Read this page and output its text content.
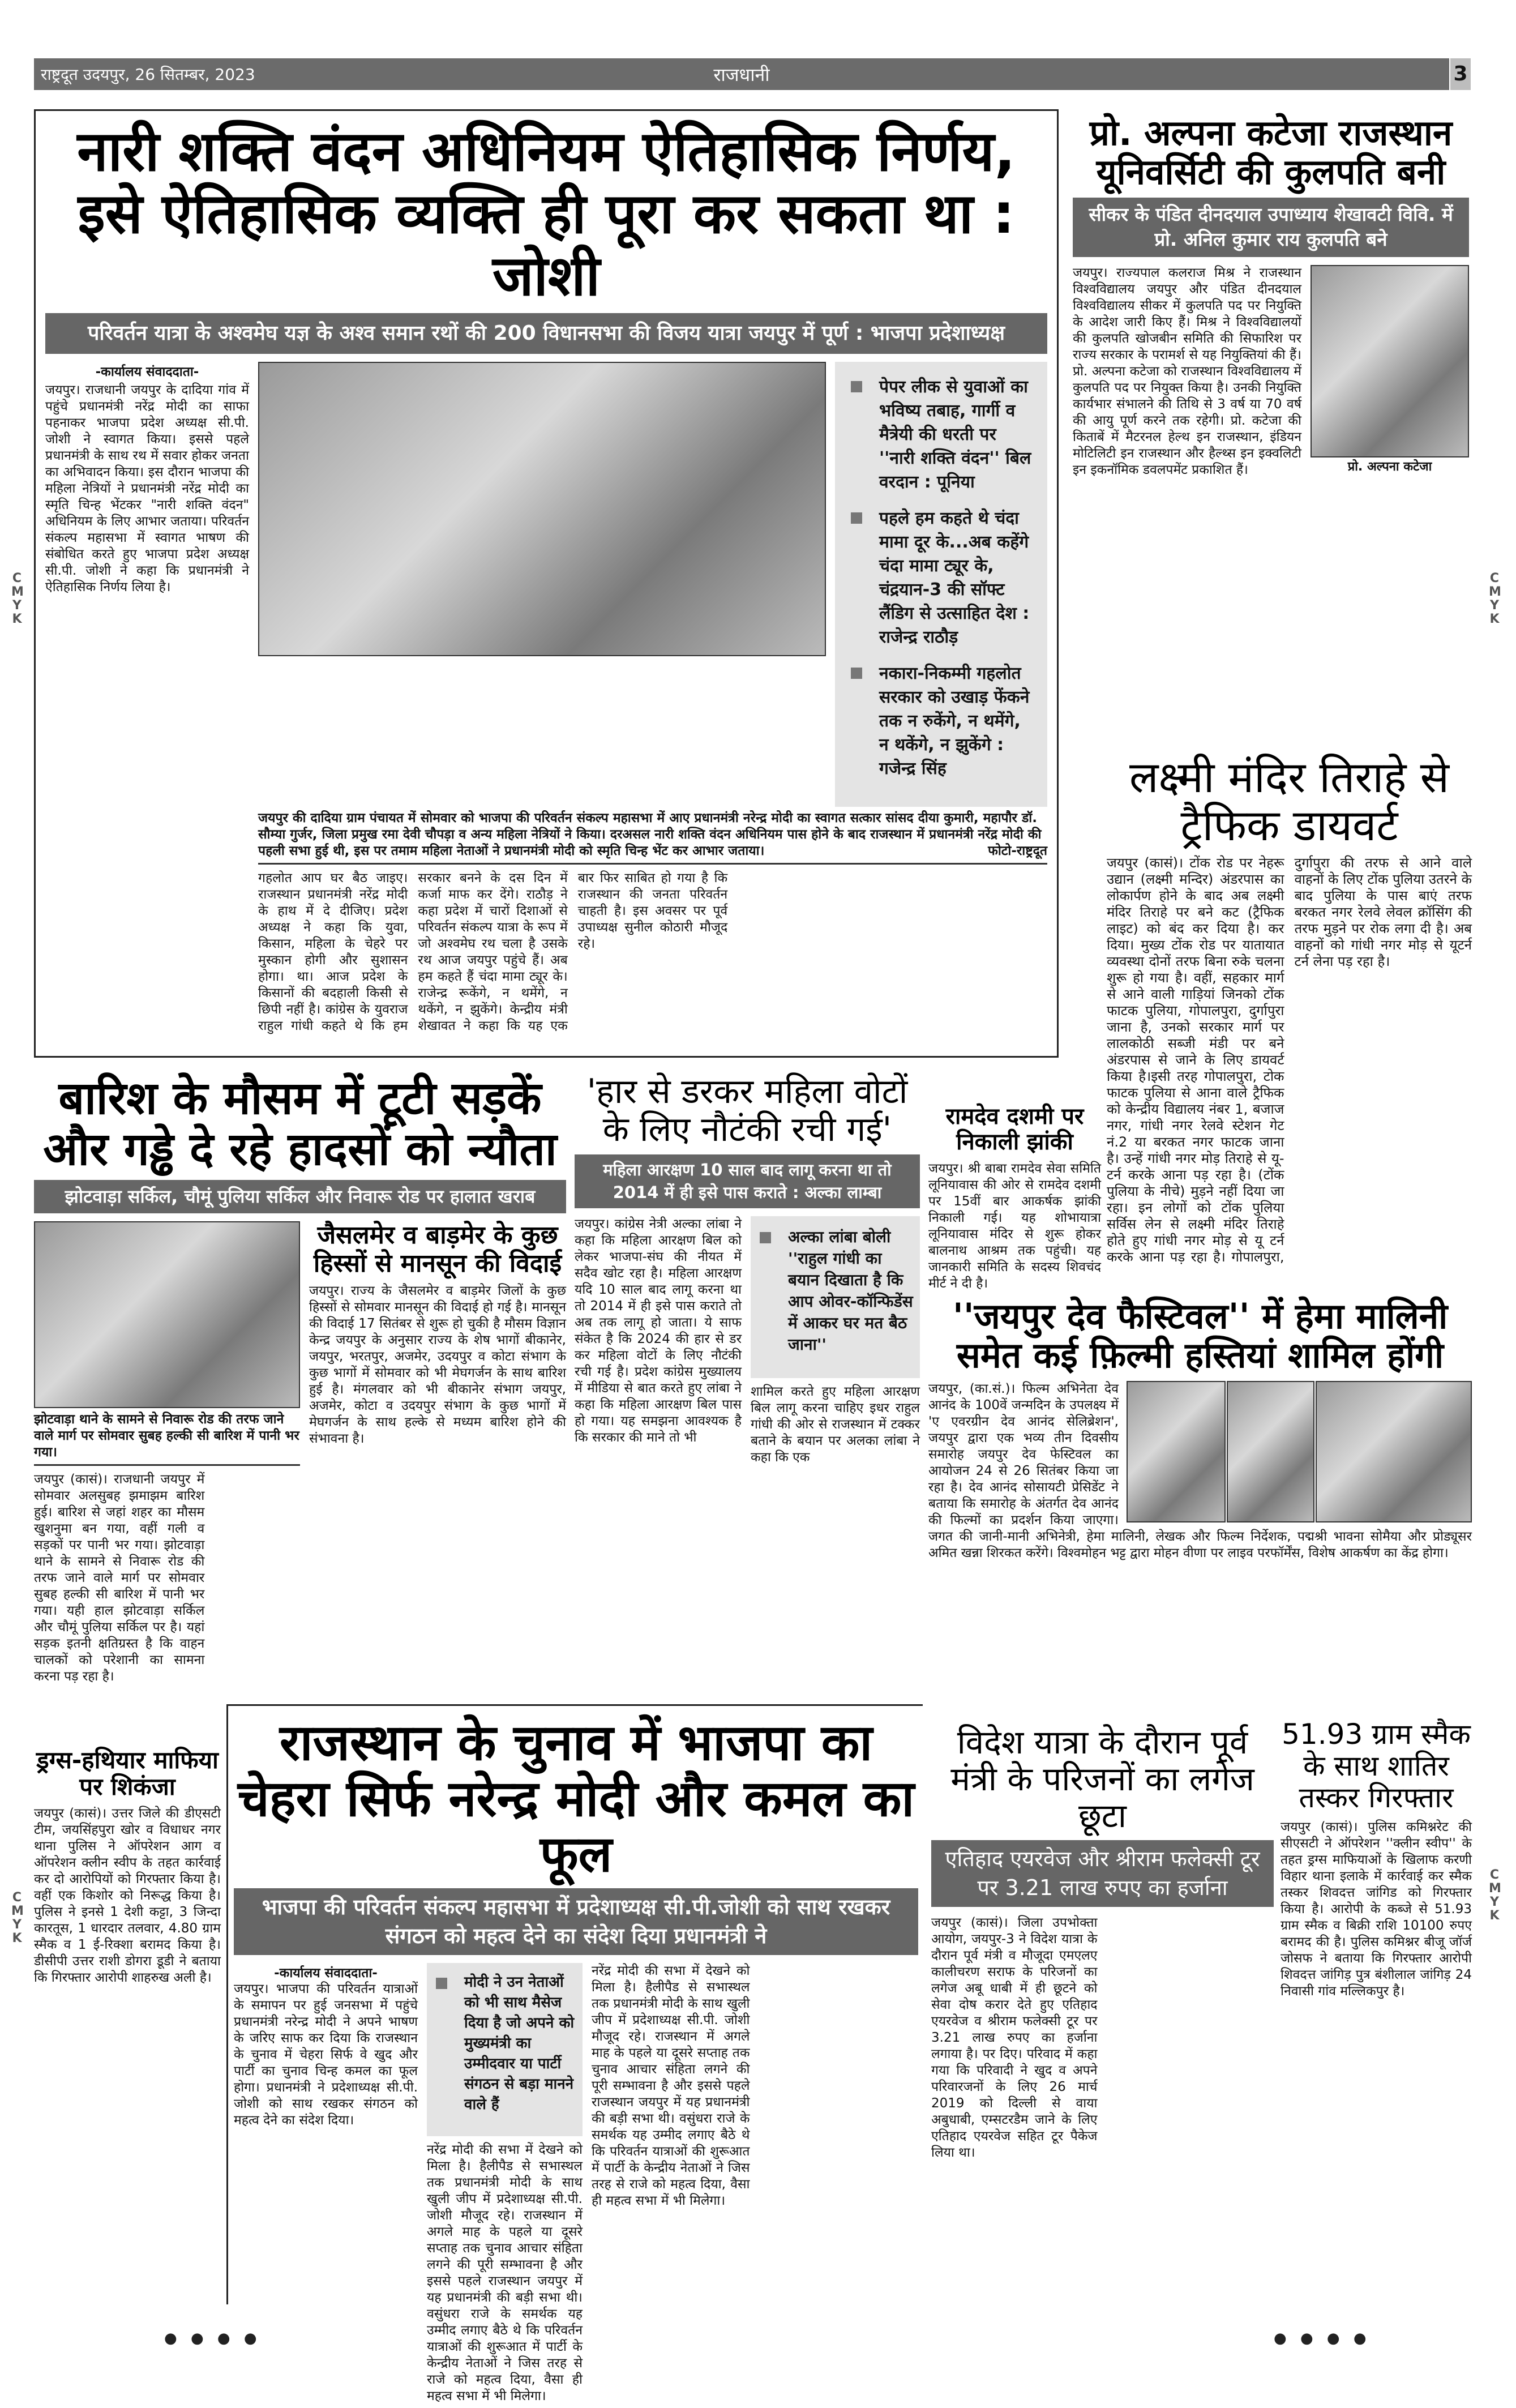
राष्ट्रदूत उदयपुर, 26 सितम्बर, 2023	राजधानी	3
C
M
Y
K
C
M
Y
K
C
M
Y
K
C
M
Y
K
नारी शक्ति वंदन अधिनियम ऐतिहासिक निर्णय, इसे ऐतिहासिक व्यक्ति ही पूरा कर सकता था : जोशी
परिवर्तन यात्रा के अश्वमेघ यज्ञ के अश्व समान रथों की 200 विधानसभा की विजय यात्रा जयपुर में पूर्ण : भाजपा प्रदेशाध्यक्ष
-कार्यालय संवाददाता-
जयपुर। राजधानी जयपुर के दादिया गांव में पहुंचे प्रधानमंत्री नरेंद्र मोदी का साफा पहनाकर भाजपा प्रदेश अध्यक्ष सी.पी. जोशी ने स्वागत किया। इससे पहले प्रधानमंत्री के साथ रथ में सवार होकर जनता का अभिवादन किया। इस दौरान भाजपा की महिला नेत्रियों ने प्रधानमंत्री नरेंद्र मोदी का स्मृति चिन्ह भेंटकर "नारी शक्ति वंदन" अधिनियम के लिए आभार जताया। परिवर्तन संकल्प महासभा में स्वागत भाषण की संबोधित करते हुए भाजपा प्रदेश अध्यक्ष सी.पी. जोशी ने कहा कि प्रधानमंत्री ने ऐतिहासिक निर्णय लिया है।
पेपर लीक से युवाओं का भविष्य तबाह, गार्गी व मैत्रेयी की धरती पर ''नारी शक्ति वंदन'' बिल वरदान : पूनिया
पहले हम कहते थे चंदा मामा दूर के...अब कहेंगे चंदा मामा ट्यूर के, चंद्रयान-3 की सॉफ्ट लैंडिग से उत्साहित देश : राजेन्द्र राठौड़
नकारा-निकम्मी गहलोत सरकार को उखाड़ फेंकने तक न रुकेंगे, न थमेंगे, न थकेंगे, न झुकेंगे : गजेन्द्र सिंह
जयपुर की दादिया ग्राम पंचायत में सोमवार को भाजपा की परिवर्तन संकल्प महासभा में आए प्रधानमंत्री नरेन्द्र मोदी का स्वागत सत्कार सांसद दीया कुमारी, महापौर डॉ. सौम्या गुर्जर, जिला प्रमुख रमा देवी चौपड़ा व अन्य महिला नेत्रियों ने किया। दरअसल नारी शक्ति वंदन अधिनियम पास होने के बाद राजस्थान में प्रधानमंत्री नरेंद्र मोदी की पहली सभा हुई थी, इस पर तमाम महिला नेताओं ने प्रधानमंत्री मोदी को स्मृति चिन्ह भेंट कर आभार जताया।	फोटो-राष्ट्रदूत
गहलोत आप घर बैठ जाइए। राजस्थान प्रधानमंत्री नरेंद्र मोदी के हाथ में दे दीजिए। प्रदेश अध्यक्ष ने कहा कि युवा, किसान, महिला के चेहरे पर मुस्कान होगी और सुशासन होगा। था। आज प्रदेश के किसानों की बदहाली किसी से छिपी नहीं है। कांग्रेस के युवराज राहुल गांधी कहते थे कि हम सरकार बनने के दस दिन में कर्जा माफ कर देंगे। राठौड़ ने कहा प्रदेश में चारों दिशाओं से परिवर्तन संकल्प यात्रा के रूप में जो अश्वमेघ रथ चला है उसके रथ आज जयपुर पहुंचे हैं। अब हम कहते हैं चंदा मामा ट्यूर के। राजेन्द्र रूकेंगे, न थमेंगे, न थकेंगे, न झुकेंगे। केन्द्रीय मंत्री शेखावत ने कहा कि यह एक बार फिर साबित हो गया है कि राजस्थान की जनता परिवर्तन चाहती है। इस अवसर पर पूर्व उपाध्यक्ष सुनील कोठारी मौजूद रहे।
प्रो. अल्पना कटेजा राजस्थान यूनिवर्सिटी की कुलपति बनी
सीकर के पंडित दीनदयाल उपाध्याय शेखावटी विवि. में प्रो. अनिल कुमार राय कुलपति बने
जयपुर। राज्यपाल कलराज मिश्र ने राजस्थान विश्वविद्यालय जयपुर और पंडित दीनदयाल विश्वविद्यालय सीकर में कुलपति पद पर नियुक्ति के आदेश जारी किए हैं। मिश्र ने विश्वविद्यालयों की कुलपति खोजबीन समिति की सिफारिश पर राज्य सरकार के परामर्श से यह नियुक्तियां की हैं। प्रो. अल्पना कटेजा को राजस्थान विश्वविद्यालय में कुलपति पद पर नियुक्त किया है। उनकी नियुक्ति कार्यभार संभालने की तिथि से 3 वर्ष या 70 वर्ष की आयु पूर्ण करने तक रहेगी। प्रो. कटेजा की किताबें में मैटरनल हेल्थ इन राजस्थान, इंडियन मोटिलिटी इन राजस्थान और हैल्थ्स इन इक्वलिटी इन इकनॉमिक डवलपमेंट प्रकाशित हैं।	प्रो. अल्पना कटेजा
लक्ष्मी मंदिर तिराहे से ट्रैफिक डायवर्ट
जयपुर (कासं)। टोंक रोड पर नेहरू उद्यान (लक्ष्मी मन्दिर) अंडरपास का लोकार्पण होने के बाद अब लक्ष्मी मंदिर तिराहे पर बने कट (ट्रैफिक लाइट) को बंद कर दिया है। कर दिया। मुख्य टोंक रोड पर यातायात व्यवस्था दोनों तरफ बिना रुके चलना शुरू हो गया है। वहीं, सहकार मार्ग से आने वाली गाड़ियां जिनको टोंक फाटक पुलिया, गोपालपुरा, दुर्गापुरा जाना है, उनको सरकार मार्ग पर लालकोठी सब्जी मंडी पर बने अंडरपास से जाने के लिए डायवर्ट किया है।इसी तरह गोपालपुरा, टोक फाटक पुलिया से आना वाले ट्रैफिक को केन्द्रीय विद्यालय नंबर 1, बजाज नगर, गांधी नगर रेलवे स्टेशन गेट नं.2 या बरकत नगर फाटक जाना है। उन्हें गांधी नगर मोड़ तिराहे से यू-टर्न करके आना पड़ रहा है। (टोंक पुलिया के नीचे) मुड़ने नहीं दिया जा रहा। इन लोगों को टोंक पुलिया सर्विस लेन से लक्ष्मी मंदिर तिराहे होते हुए गांधी नगर मोड़ से यू टर्न करके आना पड़ रहा है। गोपालपुरा, दुर्गापुरा की तरफ से आने वाले वाहनों के लिए टोंक पुलिया उतरने के बाद पुलिया के पास बाएं तरफ बरकत नगर रेलवे लेवल क्रॉसिंग की तरफ मुड़ने पर रोक लगा दी है। अब वाहनों को गांधी नगर मोड़ से यूटर्न टर्न लेना पड़ रहा है।
बारिश के मौसम में टूटी सड़कें और गड्ढे दे रहे हादसों को न्यौता
झोटवाड़ा सर्किल, चौमूं पुलिया सर्किल और निवारू रोड पर हालात खराब
झोटवाड़ा थाने के सामने से निवारू रोड की तरफ जाने वाले मार्ग पर सोमवार सुबह हल्की सी बारिश में पानी भर गया।
जैसलमेर व बाड़मेर के कुछ हिस्सों से मानसून की विदाई
जयपुर। राज्य के जैसलमेर व बाड़मेर जिलों के कुछ हिस्सों से सोमवार मानसून की विदाई हो गई है। मानसून की विदाई 17 सितंबर से शुरू हो चुकी है मौसम विज्ञान केन्द्र जयपुर के अनुसार राज्य के शेष भागों बीकानेर, जयपुर, भरतपुर, अजमेर, उदयपुर व कोटा संभाग के कुछ भागों में सोमवार को भी मेघगर्जन के साथ बारिश हुई है। मंगलवार को भी बीकानेर संभाग जयपुर, अजमेर, कोटा व उदयपुर संभाग के कुछ भागों में मेघगर्जन के साथ हल्के से मध्यम बारिश होने की संभावना है।
जयपुर (कासं)। राजधानी जयपुर में सोमवार अलसुबह झमाझम बारिश हुई। बारिश से जहां शहर का मौसम खुशनुमा बन गया, वहीं गली व सड़कों पर पानी भर गया। झोटवाड़ा थाने के सामने से निवारू रोड की तरफ जाने वाले मार्ग पर सोमवार सुबह हल्की सी बारिश में पानी भर गया। यही हाल झोटवाड़ा सर्किल और चौमूं पुलिया सर्किल पर है। यहां सड़क इतनी क्षतिग्रस्त है कि वाहन चालकों को परेशानी का सामना करना पड़ रहा है।
'हार से डरकर महिला वोटों के लिए नौटंकी रची गई'
महिला आरक्षण 10 साल बाद लागू करना था तो 2014 में ही इसे पास कराते : अल्का लाम्बा
जयपुर। कांग्रेस नेत्री अल्का लांबा ने कहा कि महिला आरक्षण बिल को लेकर भाजपा-संघ की नीयत में सदैव खोट रहा है। महिला आरक्षण यदि 10 साल बाद लागू करना था तो 2014 में ही इसे पास कराते तो अब तक लागू हो जाता। ये साफ संकेत है कि 2024 की हार से डर कर महिला वोटों के लिए नौटंकी रची गई है। प्रदेश कांग्रेस मुख्यालय में मीडिया से बात करते हुए लांबा ने कहा कि महिला आरक्षण बिल पास हो गया। यह समझना आवश्यक है कि सरकार की माने तो भी
अल्का लांबा बोली ''राहुल गांधी का बयान दिखाता है कि आप ओवर-कॉन्फिडेंस में आकर घर मत बैठ जाना''
शामिल करते हुए महिला आरक्षण बिल लागू करना चाहिए इधर राहुल गांधी की ओर से राजस्थान में टक्कर बताने के बयान पर अलका लांबा ने कहा कि एक
रामदेव दशमी पर निकाली झांकी
जयपुर। श्री बाबा रामदेव सेवा समिति लूनियावास की ओर से रामदेव दशमी पर 15वीं बार आकर्षक झांकी निकाली गई। यह शोभायात्रा लूनियावास मंदिर से शुरू होकर बालनाथ आश्रम तक पहुंची। यह जानकारी समिति के सदस्य शिवचंद मीर्ट ने दी है।
''जयपुर देव फैस्टिवल'' में हेमा मालिनी समेत कई फ़िल्मी हस्तियां शामिल होंगी
जयपुर, (का.सं.)। फिल्म अभिनेता देव आनंद के 100वें जन्मदिन के उपलक्ष्य में 'ए एवरग्रीन देव आनंद सेलिब्रेशन', जयपुर द्वारा एक भव्य तीन दिवसीय समारोह जयपुर देव फेस्टिवल का आयोजन 24 से 26 सितंबर किया जा रहा है। देव आनंद सोसायटी प्रेसिडेंट ने बताया कि समारोह के अंतर्गत देव आनंद की फिल्मों का प्रदर्शन किया जाएगा। जगत की जानी-मानी अभिनेत्री, हेमा मालिनी, लेखक और फिल्म निर्देशक, पद्मश्री भावना सोमैया और प्रोड्यूसर अमित खन्ना शिरकत करेंगे। विश्वमोहन भट्ट द्वारा मोहन वीणा पर लाइव परफॉर्मेंस, विशेष आकर्षण का केंद्र होगा।
ड्रग्स-हथियार माफिया पर शिकंजा
जयपुर (कासं)। उत्तर जिले की डीएसटी टीम, जयसिंहपुरा खोर व विधाधर नगर थाना पुलिस ने ऑपरेशन आग व ऑपरेशन क्लीन स्वीप के तहत कार्रवाई कर दो आरोपियों को गिरफ्तार किया है। वहीं एक किशोर को निरूद्ध किया है। पुलिस ने इनसे 1 देशी कट्टा, 3 जिन्दा कारतूस, 1 धारदार तलवार, 4.80 ग्राम स्मैक व 1 ई-रिक्शा बरामद किया है। डीसीपी उत्तर राशी डोगरा डूडी ने बताया कि गिरफ्तार आरोपी शाहरुख अली है।
राजस्थान के चुनाव में भाजपा का चेहरा सिर्फ नरेन्द्र मोदी और कमल का फूल
भाजपा की परिवर्तन संकल्प महासभा में प्रदेशाध्यक्ष सी.पी.जोशी को साथ रखकर संगठन को महत्व देने का संदेश दिया प्रधानमंत्री ने
-कार्यालय संवाददाता-
जयपुर। भाजपा की परिवर्तन यात्राओं के समापन पर हुई जनसभा में पहुंचे प्रधानमंत्री नरेन्द्र मोदी ने अपने भाषण के जरिए साफ कर दिया कि राजस्थान के चुनाव में चेहरा सिर्फ वे खुद और पार्टी का चुनाव चिन्ह कमल का फूल होगा। प्रधानमंत्री ने प्रदेशाध्यक्ष सी.पी. जोशी को साथ रखकर संगठन को महत्व देने का संदेश दिया।
मोदी ने उन नेताओं को भी साथ मैसेज दिया है जो अपने को मुख्यमंत्री का उम्मीदवार या पार्टी संगठन से बड़ा मानने वाले हैं
नरेंद्र मोदी की सभा में देखने को मिला है। हैलीपैड से सभास्थल तक प्रधानमंत्री मोदी के साथ खुली जीप में प्रदेशाध्यक्ष सी.पी. जोशी मौजूद रहे। राजस्थान में अगले माह के पहले या दूसरे सप्ताह तक चुनाव आचार संहिता लगने की पूरी सम्भावना है और इससे पहले राजस्थान जयपुर में यह प्रधानमंत्री की बड़ी सभा थी। वसुंधरा राजे के समर्थक यह उम्मीद लगाए बैठे थे कि परिवर्तन यात्राओं की शुरूआत में पार्टी के केन्द्रीय नेताओं ने जिस तरह से राजे को महत्व दिया, वैसा ही महत्व सभा में भी मिलेगा।
नरेंद्र मोदी की सभा में देखने को मिला है। हैलीपैड से सभास्थल तक प्रधानमंत्री मोदी के साथ खुली जीप में प्रदेशाध्यक्ष सी.पी. जोशी मौजूद रहे। राजस्थान में अगले माह के पहले या दूसरे सप्ताह तक चुनाव आचार संहिता लगने की पूरी सम्भावना है और इससे पहले राजस्थान जयपुर में यह प्रधानमंत्री की बड़ी सभा थी। वसुंधरा राजे के समर्थक यह उम्मीद लगाए बैठे थे कि परिवर्तन यात्राओं की शुरूआत में पार्टी के केन्द्रीय नेताओं ने जिस तरह से राजे को महत्व दिया, वैसा ही महत्व सभा में भी मिलेगा।
विदेश यात्रा के दौरान पूर्व मंत्री के परिजनों का लगेज छूटा
एतिहाद एयरवेज और श्रीराम फलेक्सी टूर पर 3.21 लाख रुपए का हर्जाना
जयपुर (कासं)। जिला उपभोक्ता आयोग, जयपुर-3 ने विदेश यात्रा के दौरान पूर्व मंत्री व मौजूदा एमएलए कालीचरण सराफ के परिजनों का लगेज अबू धाबी में ही छूटने को सेवा दोष करार देते हुए एतिहाद एयरवेज व श्रीराम फलेक्सी टूर पर 3.21 लाख रुपए का हर्जाना लगाया है। पर दिए। परिवाद में कहा गया कि परिवादी ने खुद व अपने परिवारजनों के लिए 26 मार्च 2019 को दिल्ली से वाया अबुधाबी, एम्सटरडैम जाने के लिए एतिहाद एयरवेज सहित टूर पैकेज लिया था।
51.93 ग्राम स्मैक के साथ शातिर तस्कर गिरफ्तार
जयपुर (कासं)। पुलिस कमिश्नरेट की सीएसटी ने ऑपरेशन ''क्लीन स्वीप'' के तहत ड्रग्स माफियाओं के खिलाफ करणी विहार थाना इलाके में कार्रवाई कर स्मैक तस्कर शिवदत्त जांगिड को गिरफ्तार किया है। आरोपी के कब्जे से 51.93 ग्राम स्मैक व बिक्री राशि 10100 रुपए बरामद की है। पुलिस कमिश्नर बीजू जॉर्ज जोसफ ने बताया कि गिरफ्तार आरोपी शिवदत्त जांगिड़ पुत्र बंशीलाल जांगिड़ 24 निवासी गांव मल्लिकपुर है।
● ● ● ●	● ● ● ●
